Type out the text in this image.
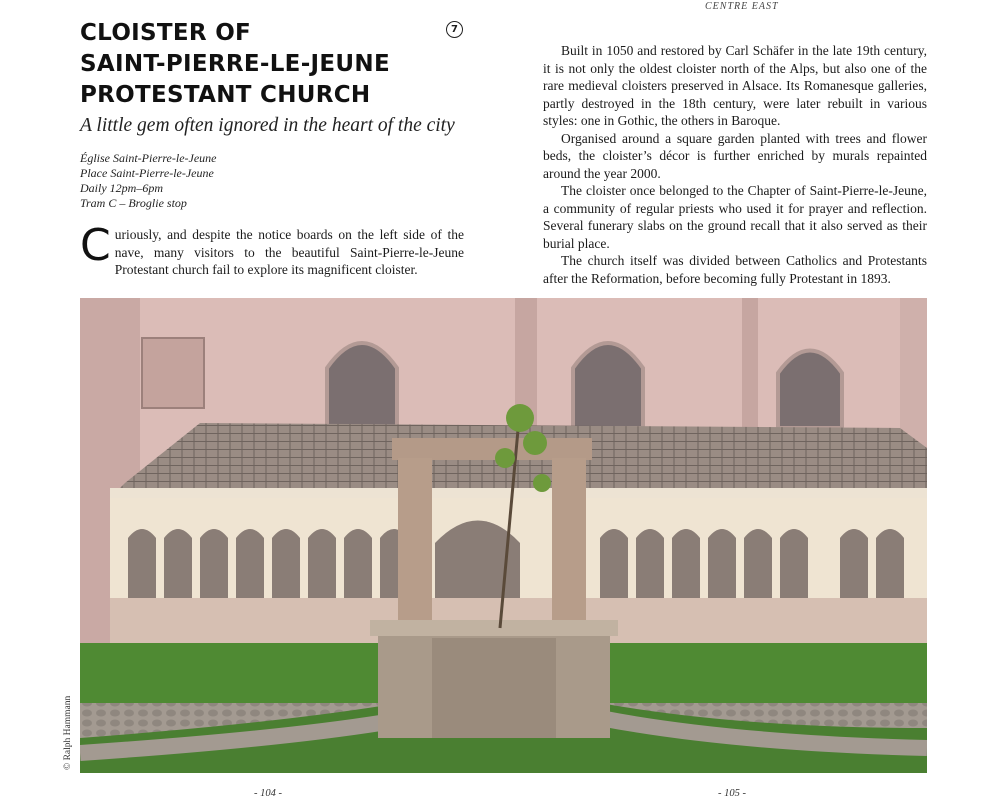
CENTRE EAST
CLOISTER OF
SAINT-PIERRE-LE-JEUNE
PROTESTANT CHURCH
7
A little gem often ignored in the heart of the city
Église Saint-Pierre-le-Jeune
Place Saint-Pierre-le-Jeune
Daily 12pm–6pm
Tram C – Broglie stop

Curiously, and despite the notice boards on the left side of the nave, many visitors to the beautiful Saint-Pierre-le-Jeune Protestant church fail to explore its magnificent cloister.

Built in 1050 and restored by Carl Schäfer in the late 19th century, it is not only the oldest cloister north of the Alps, but also one of the rare medieval cloisters preserved in Alsace. Its Romanesque galleries, partly destroyed in the 18th century, were later rebuilt in various styles: one in Gothic, the others in Baroque.

Organised around a square garden planted with trees and flower beds, the cloister’s décor is further enriched by murals repainted around the year 2000.

The cloister once belonged to the Chapter of Saint-Pierre-le-Jeune, a community of regular priests who used it for prayer and reflection. Several funerary slabs on the ground recall that it also served as their burial place.

The church itself was divided between Catholics and Protestants after the Reformation, before becoming fully Protestant in 1893.

© Ralph Hammann
- 104 -	- 105 -
